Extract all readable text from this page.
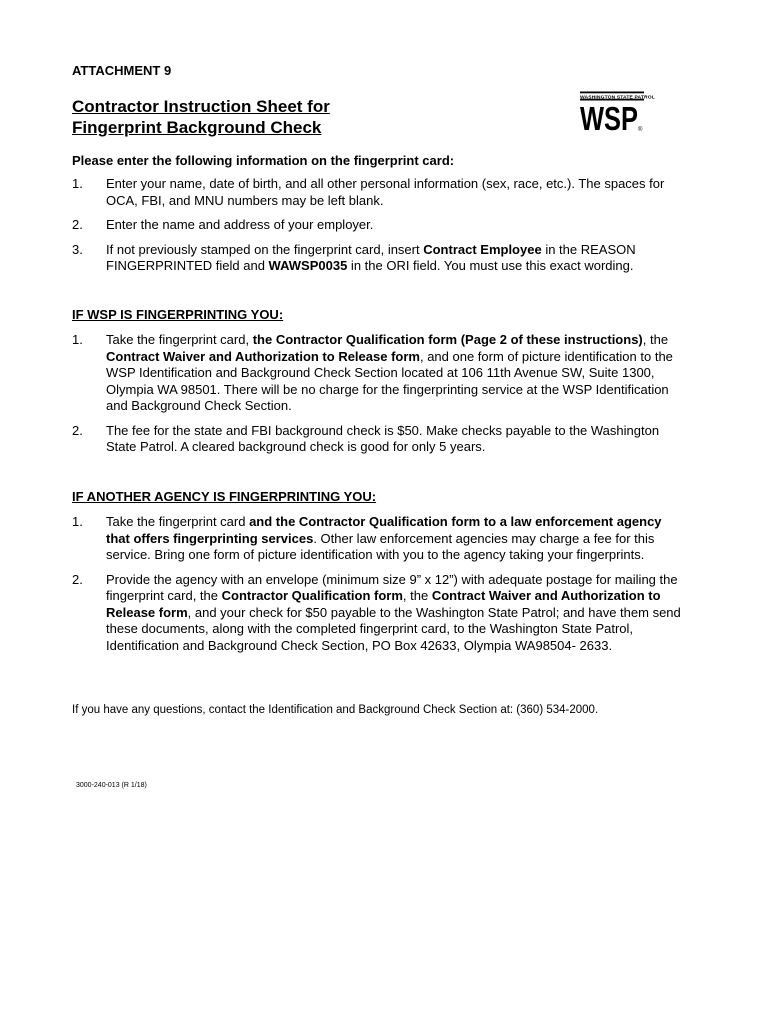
ATTACHMENT 9
Contractor Instruction Sheet for
Fingerprint Background Check
WASHINGTON STATE PATROL
WSP ®
Please enter the following information on the fingerprint card:
1. Enter your name, date of birth, and all other personal information (sex, race, etc.). The spaces for OCA, FBI, and MNU numbers may be left blank.
2. Enter the name and address of your employer.
3. If not previously stamped on the fingerprint card, insert Contract Employee in the REASON FINGERPRINTED field and WAWSP0035 in the ORI field. You must use this exact wording.
IF WSP IS FINGERPRINTING YOU:
1. Take the fingerprint card, the Contractor Qualification form (Page 2 of these instructions), the Contract Waiver and Authorization to Release form, and one form of picture identification to the WSP Identification and Background Check Section located at 106 11th Avenue SW, Suite 1300, Olympia WA 98501. There will be no charge for the fingerprinting service at the WSP Identification and Background Check Section.
2. The fee for the state and FBI background check is $50. Make checks payable to the Washington State Patrol. A cleared background check is good for only 5 years.
IF ANOTHER AGENCY IS FINGERPRINTING YOU:
1. Take the fingerprint card and the Contractor Qualification form to a law enforcement agency that offers fingerprinting services. Other law enforcement agencies may charge a fee for this service. Bring one form of picture identification with you to the agency taking your fingerprints.
2. Provide the agency with an envelope (minimum size 9” x 12”) with adequate postage for mailing the fingerprint card, the Contractor Qualification form, the Contract Waiver and Authorization to Release form, and your check for $50 payable to the Washington State Patrol; and have them send these documents, along with the completed fingerprint card, to the Washington State Patrol, Identification and Background Check Section, PO Box 42633, Olympia WA98504- 2633.
If you have any questions, contact the Identification and Background Check Section at: (360) 534-2000.
3000-240-013 (R 1/18)
